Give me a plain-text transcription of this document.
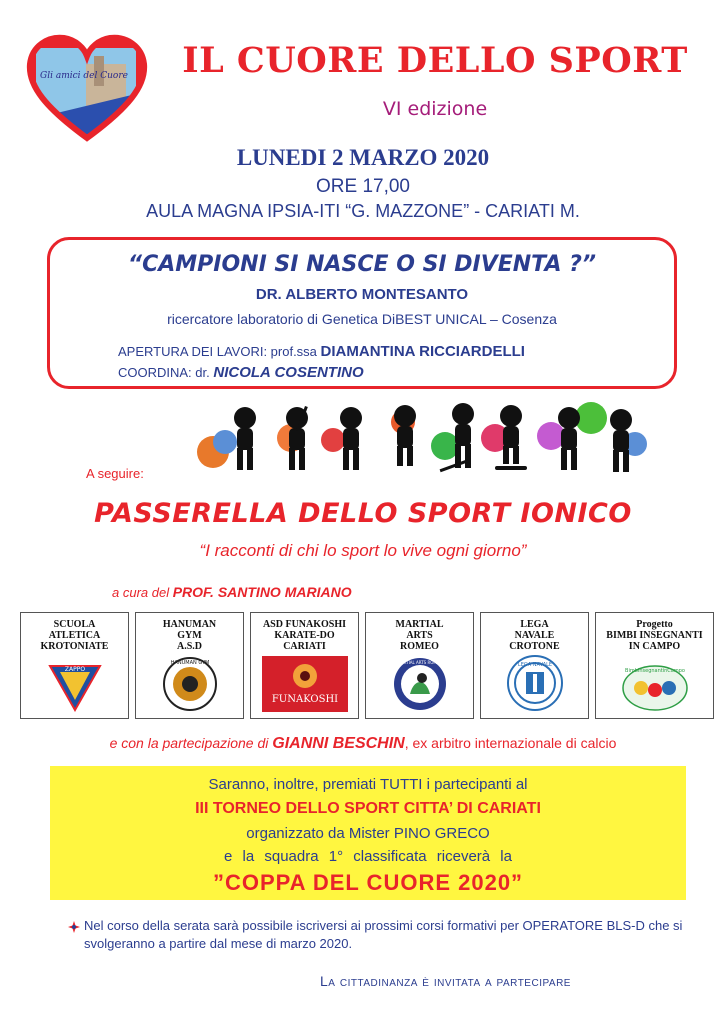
Gli amici del Cuore	IL CUORE DELLO SPORT
VI edizione
LUNEDI 2 MARZO 2020
ORE 17,00
AULA MAGNA IPSIA-ITI “G. MAZZONE” - CARIATI M.
“CAMPIONI SI NASCE O SI DIVENTA ?”
DR. ALBERTO MONTESANTO
ricercatore laboratorio di Genetica DiBEST UNICAL – Cosenza
APERTURA DEI LAVORI: prof.ssa DIAMANTINA RICCIARDELLI
COORDINA: dr. NICOLA COSENTINO
A seguire:
PASSERELLA DELLO SPORT IONICO
“I racconti di chi lo sport lo vive ogni giorno”
a cura del PROF. SANTINO MARIANO
SCUOLA
ATLETICA
KROTONIATE
ZAPPO
HANUMAN
GYM
A.S.D
HANUMAN GYM
ASD FUNAKOSHI
KARATE-DO
CARIATI
FUNAKOSHI
MARTIAL
ARTS
ROMEO
MARTIAL ARTS ROMEO
LEGA
NAVALE
CROTONE
LEGA NAVALE
Progetto
BIMBI INSEGNANTI
IN CAMPO
BimbInsegnantinCampo
e con la partecipazione di GIANNI BESCHIN, ex arbitro internazionale di calcio
Saranno, inoltre, premiati TUTTI i partecipanti al
III TORNEO DELLO SPORT CITTA’ DI CARIATI
organizzato da Mister PINO GRECO
e la squadra 1° classificata riceverà la
”COPPA DEL CUORE 2020”
Nel corso della serata sarà possibile iscriversi ai prossimi corsi formativi per OPERATORE BLS-D che si svolgeranno a partire dal mese di marzo 2020.
La cittadinanza è invitata a partecipare
